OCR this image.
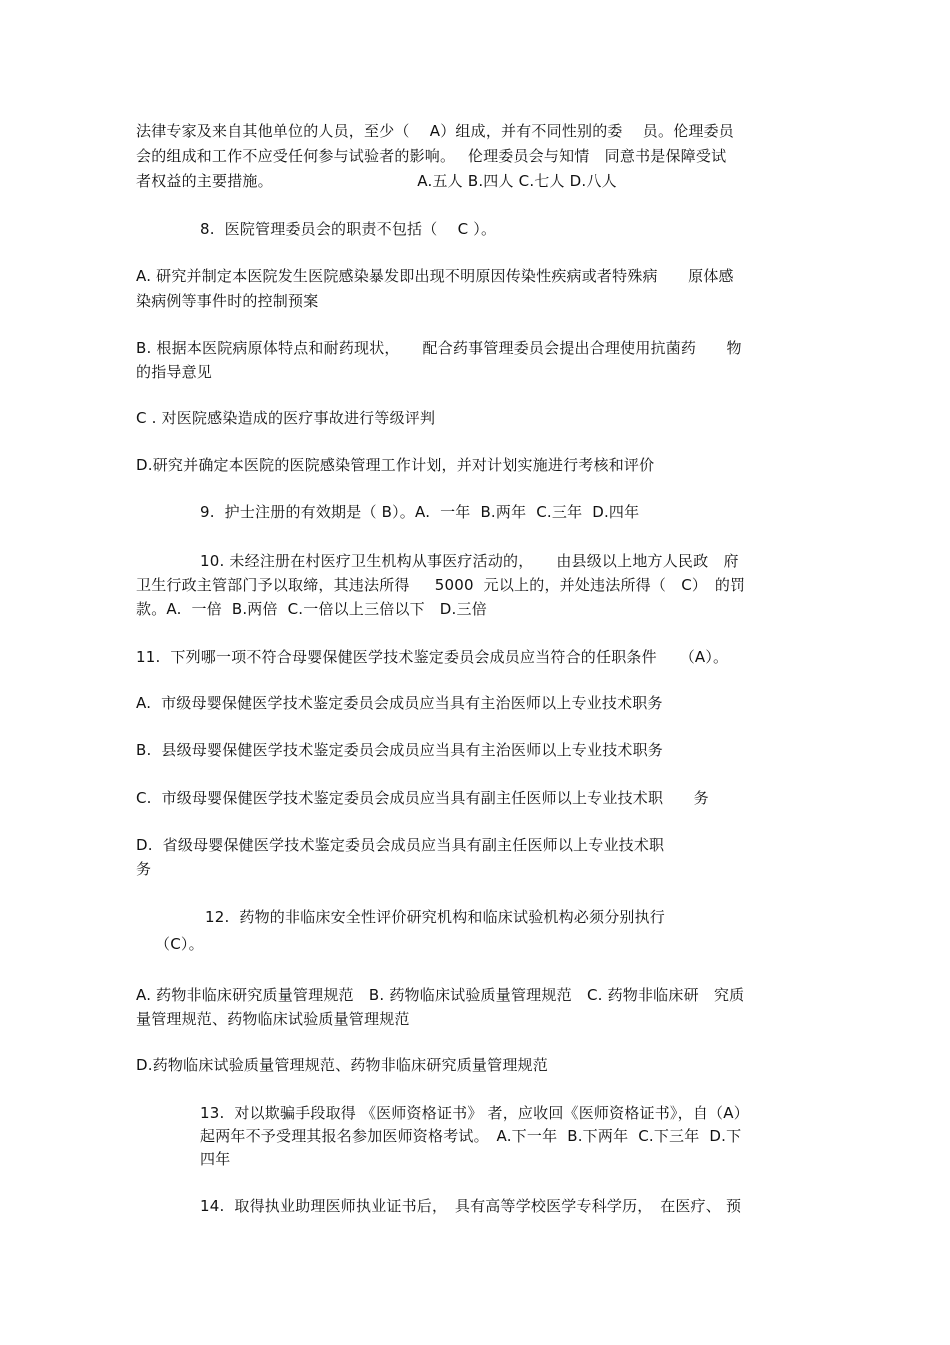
法律专家及来自其他单位的人员，至少（　 A）组成，并有不同性别的委　 员。伦理委员
会的组成和工作不应受任何参与试验者的影响。　 伦理委员会与知情　同意书是保障受试
者权益的主要措施。　　　　　　　　　　A.五人 B.四人 C.七人 D.八人
8.  医院管理委员会的职责不包括（　 C ）。
A. 研究并制定本医院发生医院感染暴发即出现不明原因传染性疾病或者特殊病　　原体感
染病例等事件时的控制预案
B. 根据本医院病原体特点和耐药现状，　　配合药事管理委员会提出合理使用抗菌药　　物
的指导意见
C . 对医院感染造成的医疗事故进行等级评判
D.研究并确定本医院的医院感染管理工作计划，并对计划实施进行考核和评价
9.  护士注册的有效期是（ B）。A.  一年  B.两年  C.三年  D.四年
10. 未经注册在村医疗卫生机构从事医疗活动的，　　由县级以上地方人民政　府
卫生行政主管部门予以取缔，其违法所得　  5000  元以上的，并处违法所得（　C）　的罚
款。A.  一倍  B.两倍  C.一倍以上三倍以下   D.三倍
11.  下列哪一项不符合母婴保健医学技术鉴定委员会成员应当符合的任职条件　　（A）。
A.  市级母婴保健医学技术鉴定委员会成员应当具有主治医师以上专业技术职务
B.  县级母婴保健医学技术鉴定委员会成员应当具有主治医师以上专业技术职务
C.  市级母婴保健医学技术鉴定委员会成员应当具有副主任医师以上专业技术职　　务
D.  省级母婴保健医学技术鉴定委员会成员应当具有副主任医师以上专业技术职
务
12.  药物的非临床安全性评价研究机构和临床试验机构必须分别执行
（C）。
A. 药物非临床研究质量管理规范　B. 药物临床试验质量管理规范　C. 药物非临床研　究质
量管理规范、药物临床试验质量管理规范
D.药物临床试验质量管理规范、药物非临床研究质量管理规范
13.  对以欺骗手段取得 《医师资格证书》 者，应收回《医师资格证书》，自（A）
起两年不予受理其报名参加医师资格考试。　A.下一年  B.下两年  C.下三年  D.下
四年
14.  取得执业助理医师执业证书后，　具有高等学校医学专科学历，　在医疗、 预
